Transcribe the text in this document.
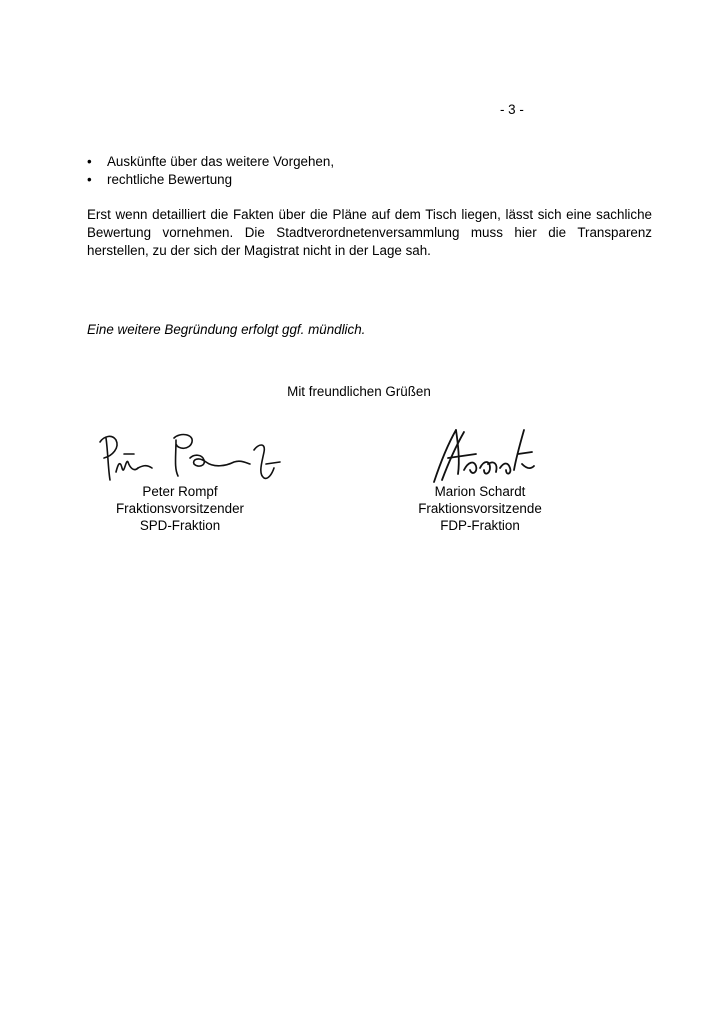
- 3 -
• Auskünfte über das weitere Vorgehen,
• rechtliche Bewertung

Erst wenn detailliert die Fakten über die Pläne auf dem Tisch liegen, lässt sich eine sachliche Bewertung vornehmen. Die Stadtverordnetenversammlung muss hier die Transparenz herstellen, zu der sich der Magistrat nicht in der Lage sah.

Eine weitere Begründung erfolgt ggf. mündlich.
Mit freundlichen Grüßen
Peter Rompf
Fraktionsvorsitzender
SPD-Fraktion
Marion Schardt
Fraktionsvorsitzende
FDP-Fraktion
